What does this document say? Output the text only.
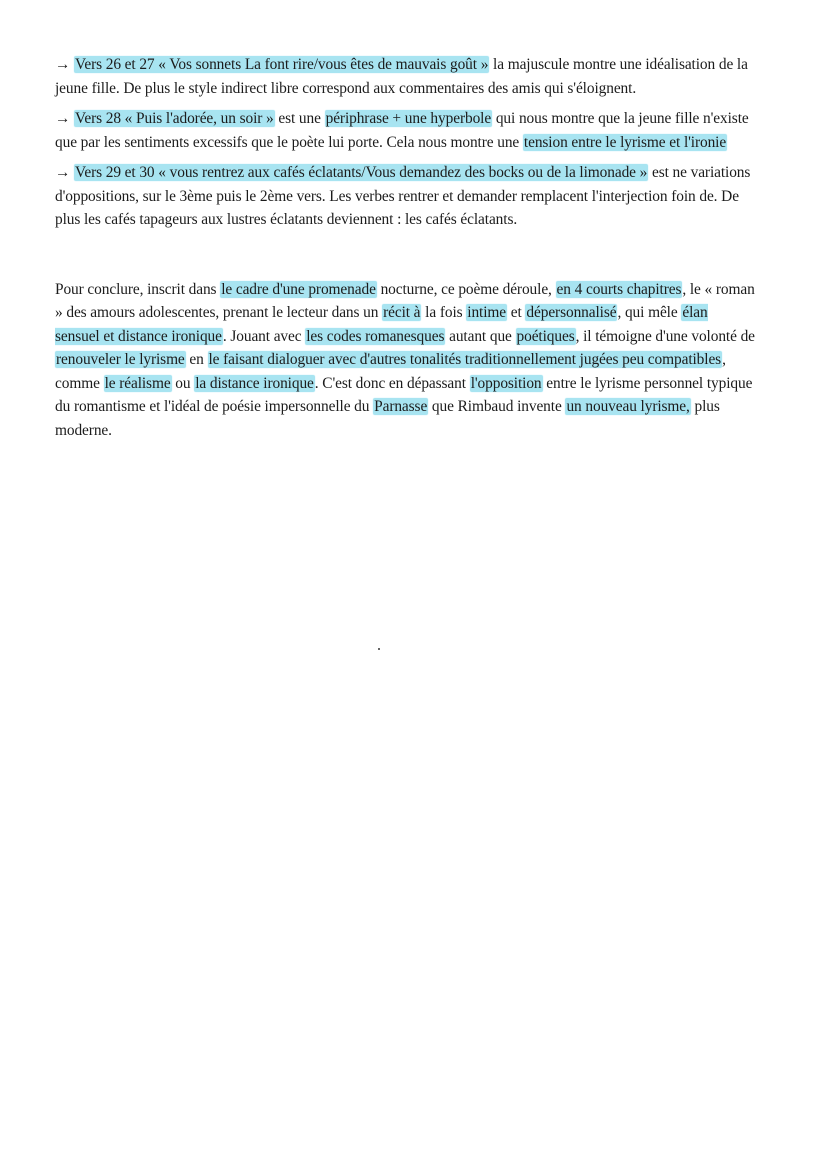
→ Vers 26 et 27 « Vos sonnets La font rire/vous êtes de mauvais goût » la majuscule montre une idéalisation de la jeune fille. De plus le style indirect libre correspond aux commentaires des amis qui s'éloignent.

→ Vers 28 « Puis l'adorée, un soir » est une périphrase + une hyperbole qui nous montre que la jeune fille n'existe que par les sentiments excessifs que le poète lui porte. Cela nous montre une tension entre le lyrisme et l'ironie

→ Vers 29 et 30 « vous rentrez aux cafés éclatants/Vous demandez des bocks ou de la limonade » est ne variations d'oppositions, sur le 3ème puis le 2ème vers. Les verbes rentrer et demander remplacent l'interjection foin de. De plus les cafés tapageurs aux lustres éclatants deviennent : les cafés éclatants.

Pour conclure, inscrit dans le cadre d'une promenade nocturne, ce poème déroule, en 4 courts chapitres, le « roman » des amours adolescentes, prenant le lecteur dans un récit à la fois intime et dépersonnalisé, qui mêle élan sensuel et distance ironique. Jouant avec les codes romanesques autant que poétiques, il témoigne d'une volonté de renouveler le lyrisme en le faisant dialoguer avec d'autres tonalités traditionnellement jugées peu compatibles, comme le réalisme ou la distance ironique. C'est donc en dépassant l'opposition entre le lyrisme personnel typique du romantisme et l'idéal de poésie impersonnelle du Parnasse que Rimbaud invente un nouveau lyrisme, plus moderne.
